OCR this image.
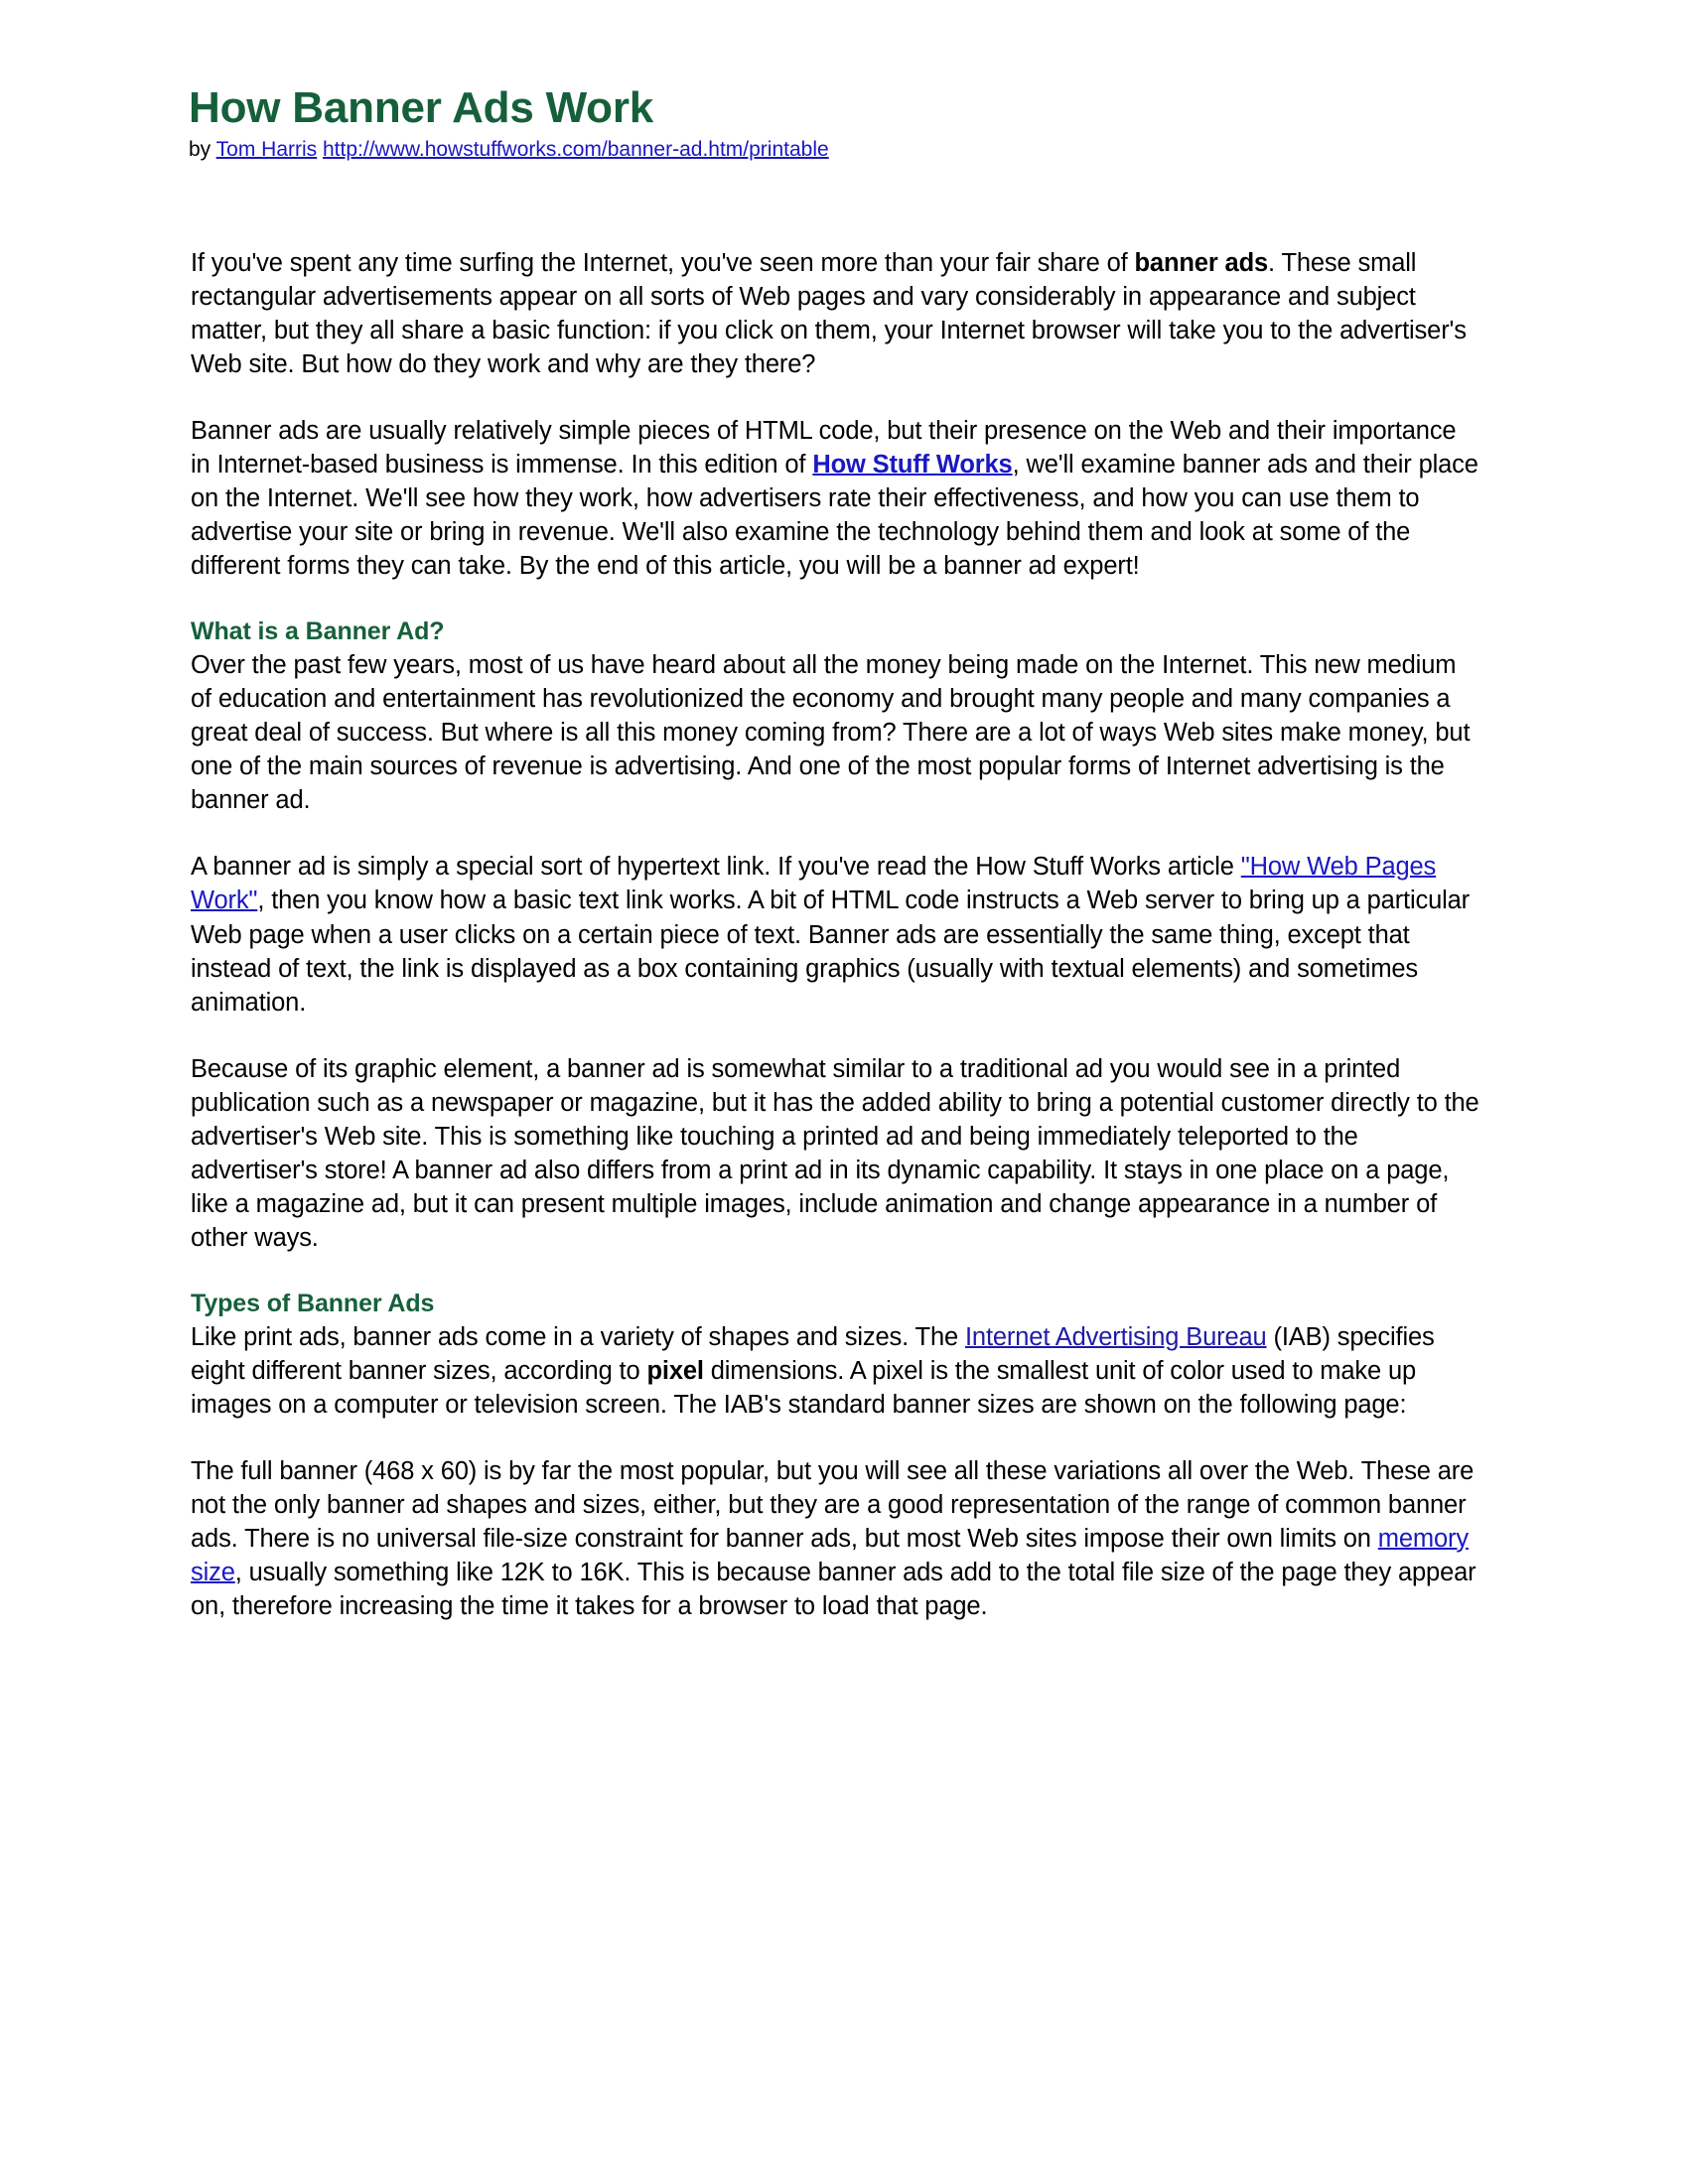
How Banner Ads Work

by Tom Harris http://www.howstuffworks.com/banner-ad.htm/printable

If you've spent any time surfing the Internet, you've seen more than your fair share of banner ads. These small rectangular advertisements appear on all sorts of Web pages and vary considerably in appearance and subject matter, but they all share a basic function: if you click on them, your Internet browser will take you to the advertiser's Web site. But how do they work and why are they there?

Banner ads are usually relatively simple pieces of HTML code, but their presence on the Web and their importance in Internet-based business is immense. In this edition of How Stuff Works, we'll examine banner ads and their place on the Internet. We'll see how they work, how advertisers rate their effectiveness, and how you can use them to advertise your site or bring in revenue. We'll also examine the technology behind them and look at some of the different forms they can take. By the end of this article, you will be a banner ad expert!

What is a Banner Ad?

Over the past few years, most of us have heard about all the money being made on the Internet. This new medium of education and entertainment has revolutionized the economy and brought many people and many companies a great deal of success. But where is all this money coming from? There are a lot of ways Web sites make money, but one of the main sources of revenue is advertising. And one of the most popular forms of Internet advertising is the banner ad.

A banner ad is simply a special sort of hypertext link. If you've read the How Stuff Works article "How Web Pages Work", then you know how a basic text link works. A bit of HTML code instructs a Web server to bring up a particular Web page when a user clicks on a certain piece of text. Banner ads are essentially the same thing, except that instead of text, the link is displayed as a box containing graphics (usually with textual elements) and sometimes animation.

Because of its graphic element, a banner ad is somewhat similar to a traditional ad you would see in a printed publication such as a newspaper or magazine, but it has the added ability to bring a potential customer directly to the advertiser's Web site. This is something like touching a printed ad and being immediately teleported to the advertiser's store! A banner ad also differs from a print ad in its dynamic capability. It stays in one place on a page, like a magazine ad, but it can present multiple images, include animation and change appearance in a number of other ways.

Types of Banner Ads

Like print ads, banner ads come in a variety of shapes and sizes. The Internet Advertising Bureau (IAB) specifies eight different banner sizes, according to pixel dimensions. A pixel is the smallest unit of color used to make up images on a computer or television screen. The IAB's standard banner sizes are shown on the following page:

The full banner (468 x 60) is by far the most popular, but you will see all these variations all over the Web. These are not the only banner ad shapes and sizes, either, but they are a good representation of the range of common banner ads. There is no universal file-size constraint for banner ads, but most Web sites impose their own limits on memory size, usually something like 12K to 16K. This is because banner ads add to the total file size of the page they appear on, therefore increasing the time it takes for a browser to load that page.
